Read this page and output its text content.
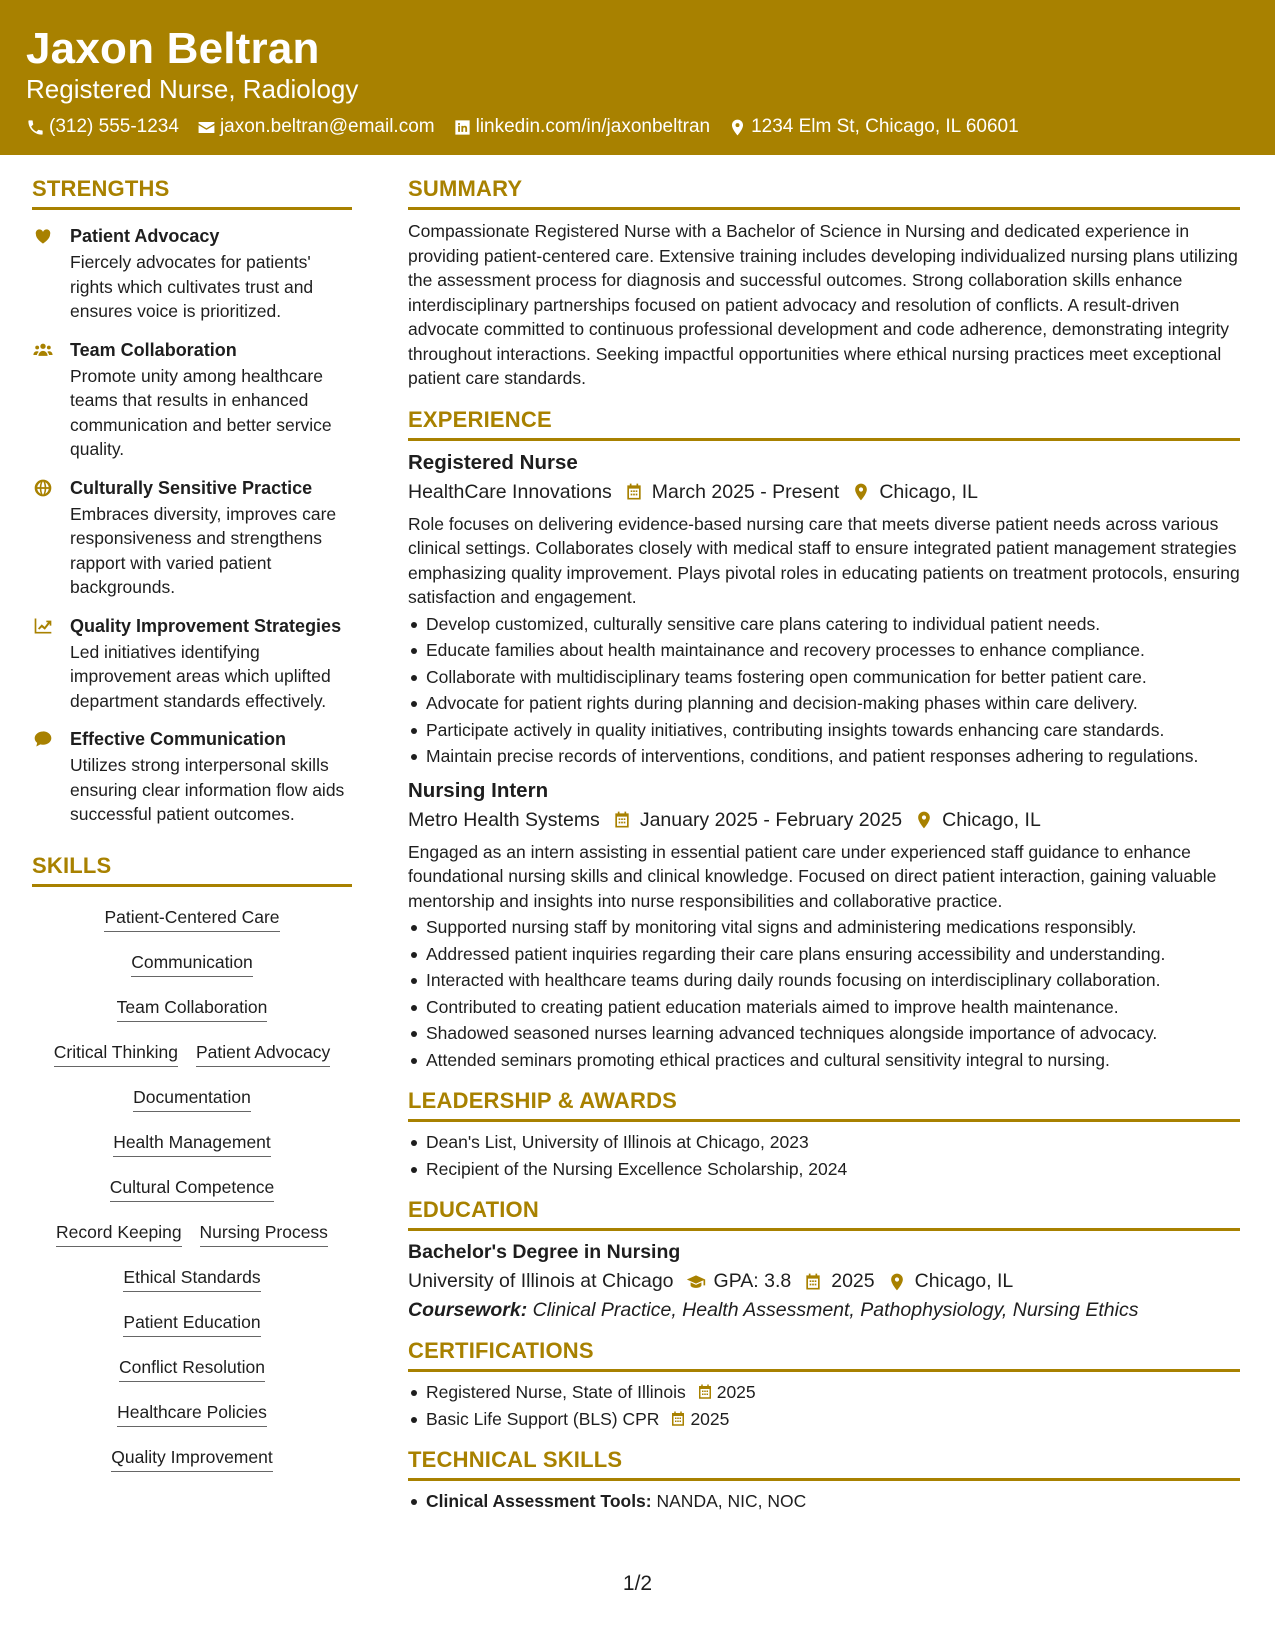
Jaxon Beltran
Registered Nurse, Radiology
(312) 555-1234 jaxon.beltran@email.com linkedin.com/in/jaxonbeltran 1234 Elm St, Chicago, IL 60601
STRENGTHS
Patient Advocacy
Fiercely advocates for patients' rights which cultivates trust and ensures voice is prioritized.
Team Collaboration
Promote unity among healthcare teams that results in enhanced communication and better service quality.
Culturally Sensitive Practice
Embraces diversity, improves care responsiveness and strengthens rapport with varied patient backgrounds.
Quality Improvement Strategies
Led initiatives identifying improvement areas which uplifted department standards effectively.
Effective Communication
Utilizes strong interpersonal skills ensuring clear information flow aids successful patient outcomes.
SKILLS
Patient-Centered Care
Communication
Team Collaboration
Critical Thinking Patient Advocacy
Documentation
Health Management
Cultural Competence
Record Keeping Nursing Process
Ethical Standards
Patient Education
Conflict Resolution
Healthcare Policies
Quality Improvement
SUMMARY
Compassionate Registered Nurse with a Bachelor of Science in Nursing and dedicated experience in providing patient-centered care. Extensive training includes developing individualized nursing plans utilizing the assessment process for diagnosis and successful outcomes. Strong collaboration skills enhance interdisciplinary partnerships focused on patient advocacy and resolution of conflicts. A result-driven advocate committed to continuous professional development and code adherence, demonstrating integrity throughout interactions. Seeking impactful opportunities where ethical nursing practices meet exceptional patient care standards.
EXPERIENCE
Registered Nurse
HealthCare Innovations March 2025 - Present Chicago, IL
Role focuses on delivering evidence-based nursing care that meets diverse patient needs across various clinical settings. Collaborates closely with medical staff to ensure integrated patient management strategies emphasizing quality improvement. Plays pivotal roles in educating patients on treatment protocols, ensuring satisfaction and engagement.
Develop customized, culturally sensitive care plans catering to individual patient needs.
Educate families about health maintainance and recovery processes to enhance compliance.
Collaborate with multidisciplinary teams fostering open communication for better patient care.
Advocate for patient rights during planning and decision-making phases within care delivery.
Participate actively in quality initiatives, contributing insights towards enhancing care standards.
Maintain precise records of interventions, conditions, and patient responses adhering to regulations.
Nursing Intern
Metro Health Systems January 2025 - February 2025 Chicago, IL
Engaged as an intern assisting in essential patient care under experienced staff guidance to enhance foundational nursing skills and clinical knowledge. Focused on direct patient interaction, gaining valuable mentorship and insights into nurse responsibilities and collaborative practice.
Supported nursing staff by monitoring vital signs and administering medications responsibly.
Addressed patient inquiries regarding their care plans ensuring accessibility and understanding.
Interacted with healthcare teams during daily rounds focusing on interdisciplinary collaboration.
Contributed to creating patient education materials aimed to improve health maintenance.
Shadowed seasoned nurses learning advanced techniques alongside importance of advocacy.
Attended seminars promoting ethical practices and cultural sensitivity integral to nursing.
LEADERSHIP & AWARDS
Dean's List, University of Illinois at Chicago, 2023
Recipient of the Nursing Excellence Scholarship, 2024
EDUCATION
Bachelor's Degree in Nursing
University of Illinois at Chicago GPA: 3.8 2025 Chicago, IL
Coursework: Clinical Practice, Health Assessment, Pathophysiology, Nursing Ethics
CERTIFICATIONS
Registered Nurse, State of Illinois 2025
Basic Life Support (BLS) CPR 2025
TECHNICAL SKILLS
Clinical Assessment Tools: NANDA, NIC, NOC
1/2
